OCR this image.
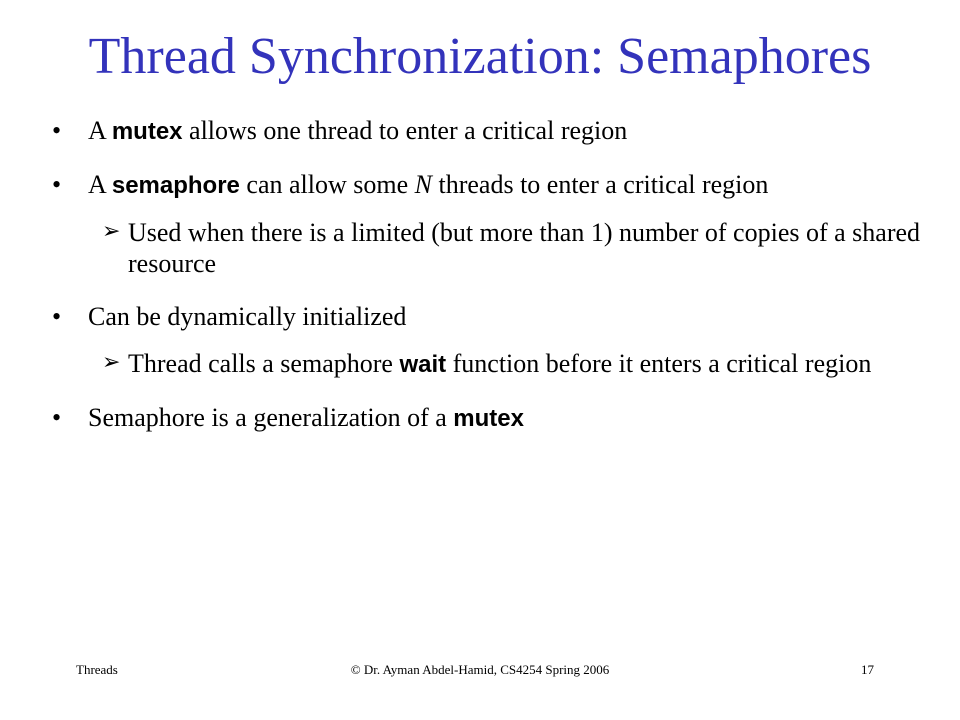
Thread Synchronization: Semaphores
•	A mutex allows one thread to enter a critical region
•	A semaphore can allow some N threads to enter a critical region
➢ Used when there is a limited (but more than 1) number of copies of a shared resource
•	Can be dynamically initialized
➢ Thread calls a semaphore wait function before it enters a critical region
•	Semaphore is a generalization of a mutex
Threads	© Dr. Ayman Abdel-Hamid, CS4254 Spring 2006	17
